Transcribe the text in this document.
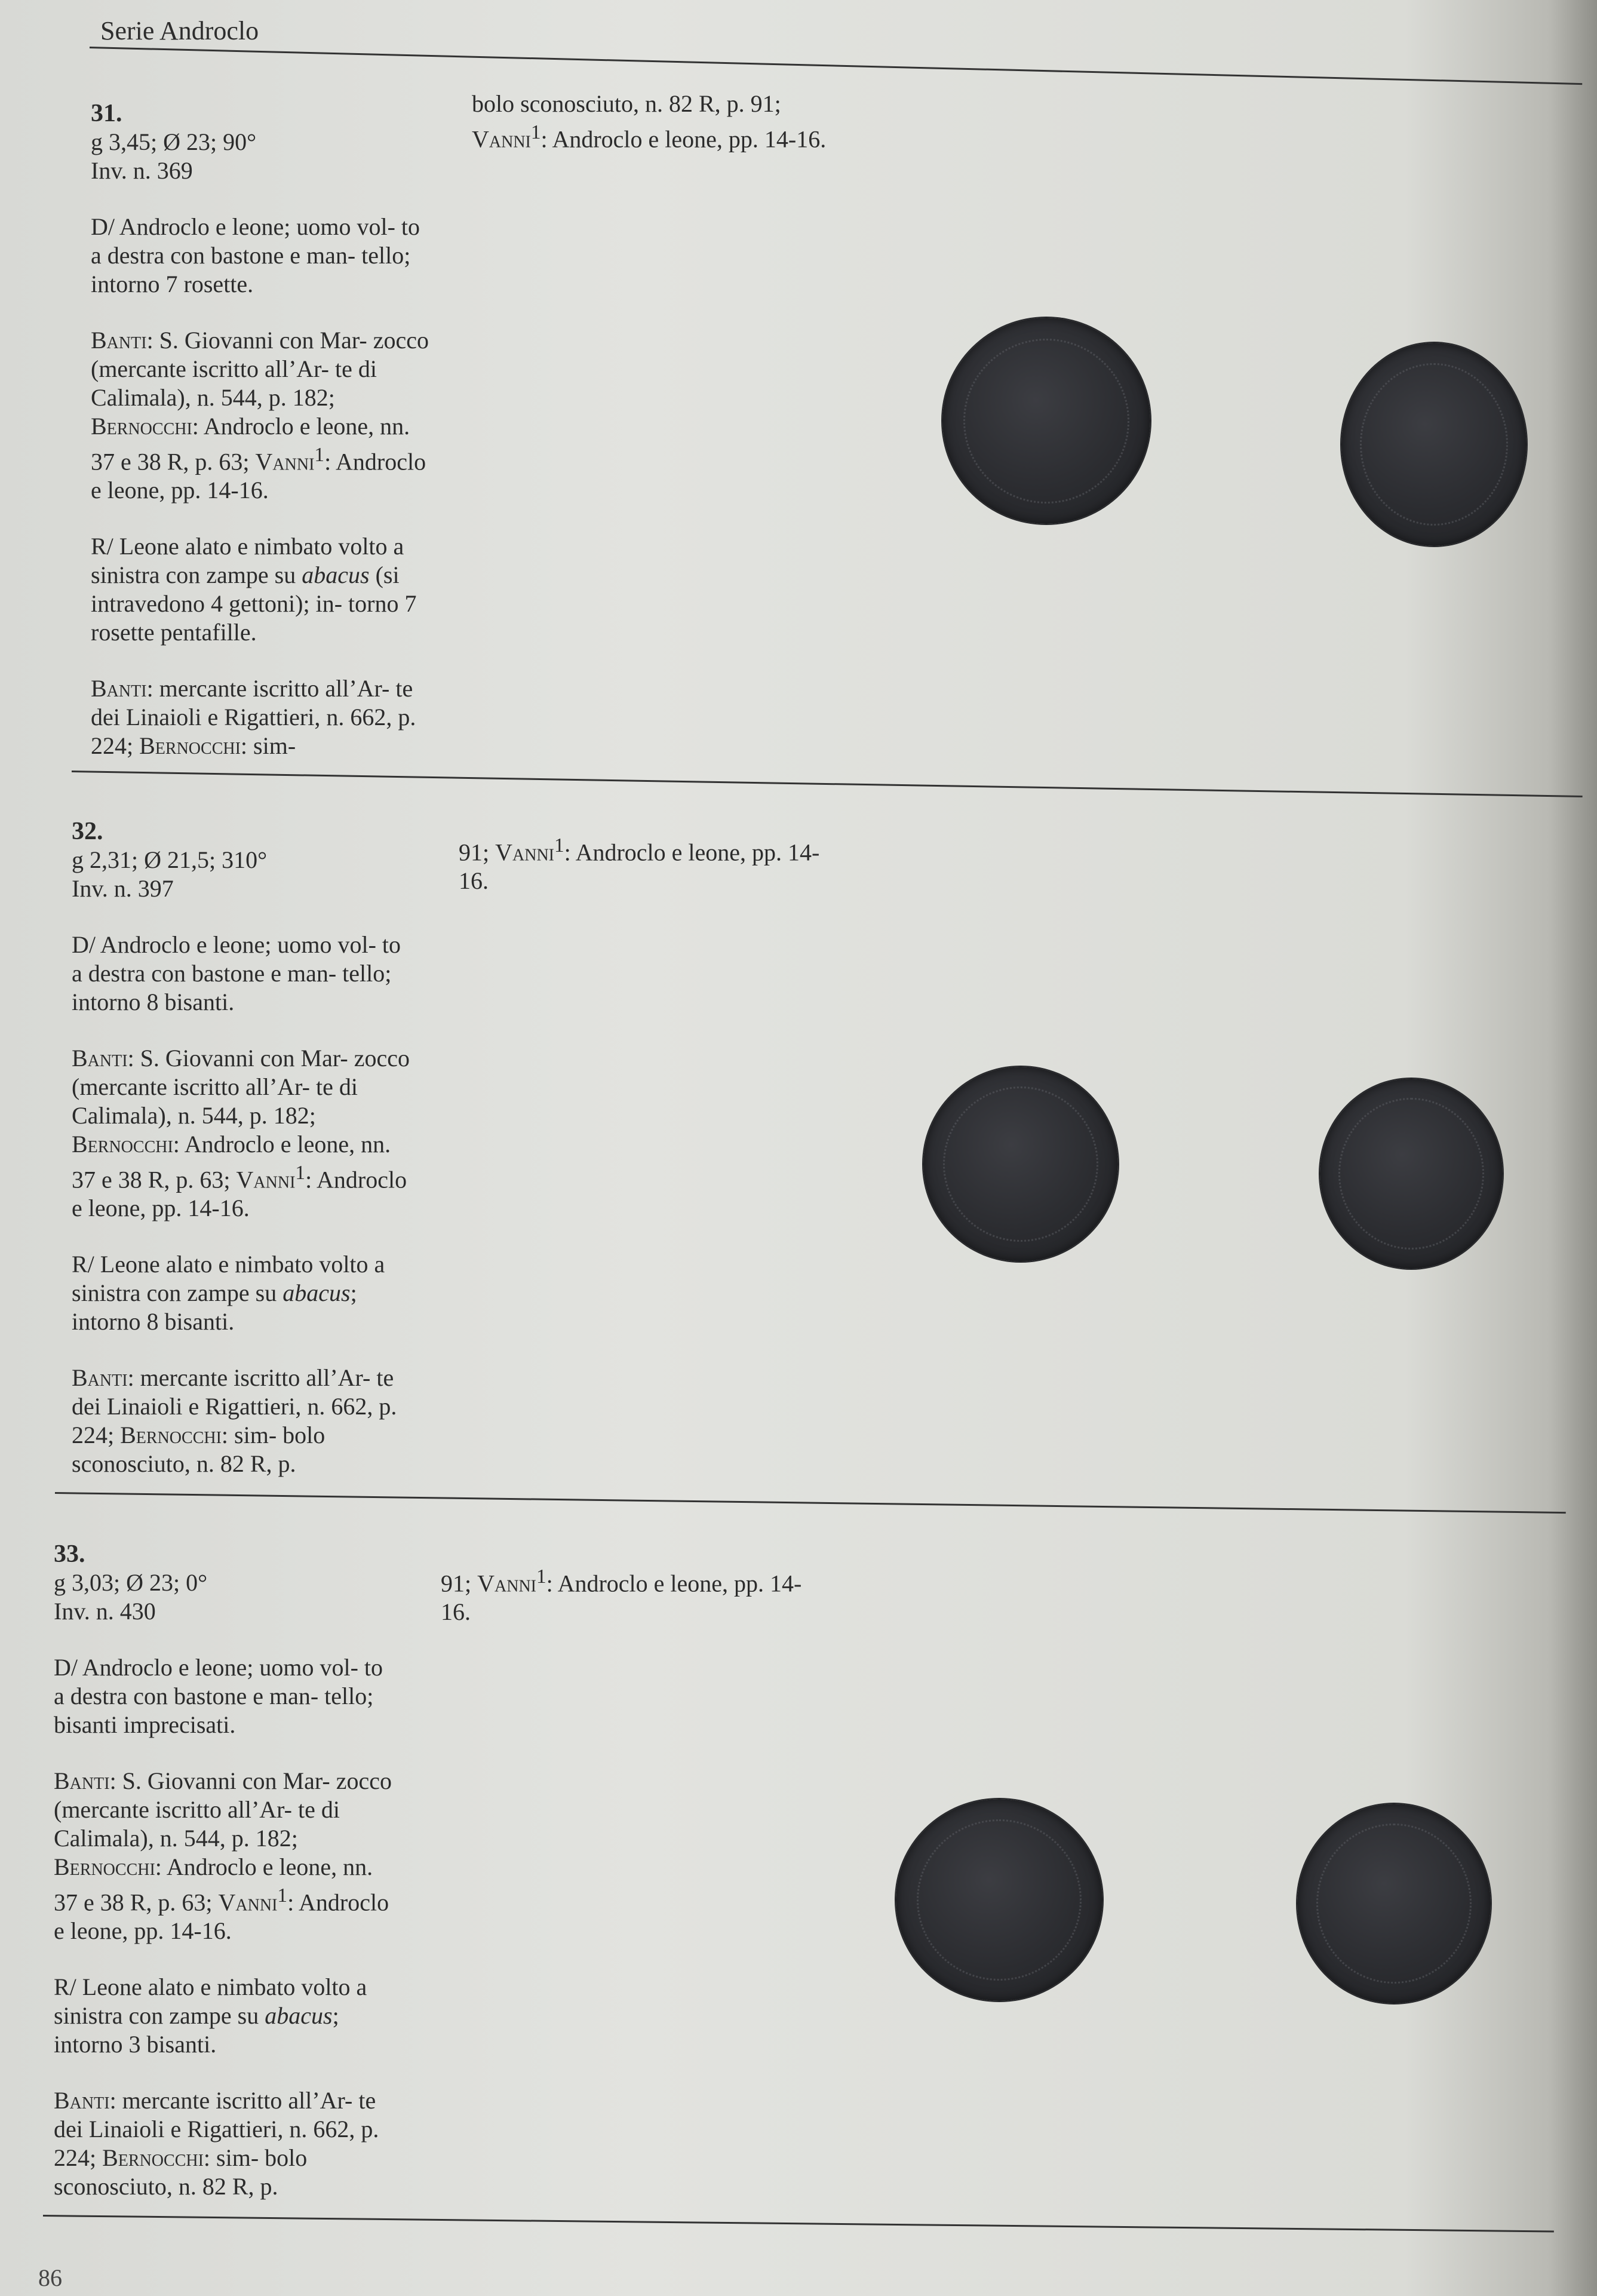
Serie Androclo

31.

g 3,45; Ø 23; 90°

Inv. n. 369

D/ Androclo e leone; uomo vol- to a destra con bastone e man- tello; intorno 7 rosette.

Banti: S. Giovanni con Mar- zocco (mercante iscritto all’Ar- te di Calimala), n. 544, p. 182; Bernocchi: Androclo e leone, nn. 37 e 38 R, p. 63; Vanni$^1$: Androclo e leone, pp. 14-16.

R/ Leone alato e nimbato volto a sinistra con zampe su abacus (si intravedono 4 gettoni); in- torno 7 rosette pentafille.

Banti: mercante iscritto all’Ar- te dei Linaioli e Rigattieri, n. 662, p. 224; Bernocchi: sim-

bolo sconosciuto, n. 82 R, p. 91; Vanni$^1$: Androclo e leone, pp. 14-16.

32.

g 2,31; Ø 21,5; 310°

Inv. n. 397

D/ Androclo e leone; uomo vol- to a destra con bastone e man- tello; intorno 8 bisanti.

Banti: S. Giovanni con Mar- zocco (mercante iscritto all’Ar- te di Calimala), n. 544, p. 182; Bernocchi: Androclo e leone, nn. 37 e 38 R, p. 63; Vanni$^1$: Androclo e leone, pp. 14-16.

R/ Leone alato e nimbato volto a sinistra con zampe su abacus; intorno 8 bisanti.

Banti: mercante iscritto all’Ar- te dei Linaioli e Rigattieri, n. 662, p. 224; Bernocchi: sim- bolo sconosciuto, n. 82 R, p.

91; Vanni$^1$: Androclo e leone, pp. 14-16.

33.

g 3,03; Ø 23; 0°

Inv. n. 430

D/ Androclo e leone; uomo vol- to a destra con bastone e man- tello; bisanti imprecisati.

Banti: S. Giovanni con Mar- zocco (mercante iscritto all’Ar- te di Calimala), n. 544, p. 182; Bernocchi: Androclo e leone, nn. 37 e 38 R, p. 63; Vanni$^1$: Androclo e leone, pp. 14-16.

R/ Leone alato e nimbato volto a sinistra con zampe su abacus; intorno 3 bisanti.

Banti: mercante iscritto all’Ar- te dei Linaioli e Rigattieri, n. 662, p. 224; Bernocchi: sim- bolo sconosciuto, n. 82 R, p.

91; Vanni$^1$: Androclo e leone, pp. 14-16.

86
